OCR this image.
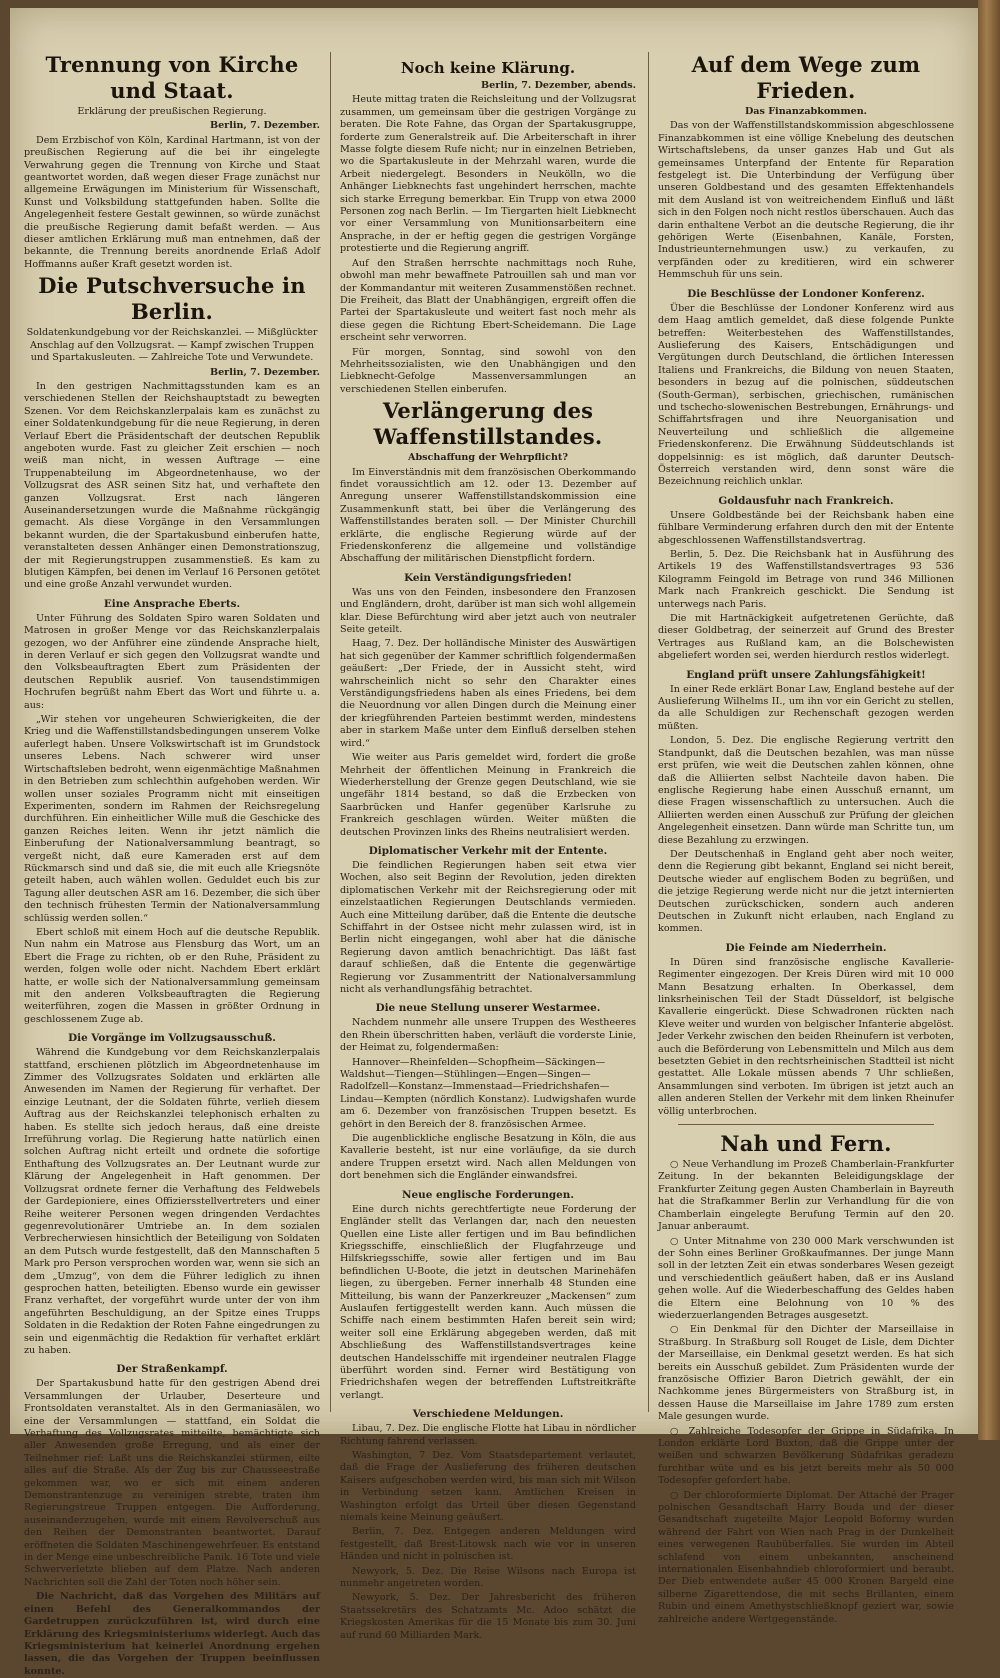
Trennung von Kirche und Staat.
Erklärung der preußischen Regierung.
Berlin, 7. Dezember.

Dem Erzbischof von Köln, Kardinal Hartmann, ist von der preußischen Regierung auf die bei ihr eingelegte Verwahrung gegen die Trennung von Kirche und Staat geantwortet worden, daß wegen dieser Frage zunächst nur allgemeine Erwägungen im Ministerium für Wissenschaft, Kunst und Volksbildung stattgefunden haben. Sollte die Angelegenheit festere Gestalt gewinnen, so würde zunächst die preußische Regierung damit befaßt werden. — Aus dieser amtlichen Erklärung muß man entnehmen, daß der bekannte, die Trennung bereits anordnende Erlaß Adolf Hoffmanns außer Kraft gesetzt worden ist.

Die Putschversuche in Berlin.
Soldatenkundgebung vor der Reichskanzlei. — Mißglückter Anschlag auf den Vollzugsrat. — Kampf zwischen Truppen und Spartakusleuten. — Zahlreiche Tote und Verwundete.
Berlin, 7. Dezember.

In den gestrigen Nachmittagsstunden kam es an verschiedenen Stellen der Reichshauptstadt zu bewegten Szenen. Vor dem Reichskanzlerpalais kam es zunächst zu einer Soldatenkundgebung für die neue Regierung, in deren Verlauf Ebert die Präsidentschaft der deutschen Republik angeboten wurde. Fast zu gleicher Zeit erschien — noch weiß man nicht, in wessen Auftrage — eine Truppenabteilung im Abgeordnetenhause, wo der Vollzugsrat des ASR seinen Sitz hat, und verhaftete den ganzen Vollzugsrat. Erst nach längeren Auseinandersetzungen wurde die Maßnahme rückgängig gemacht. Als diese Vorgänge in den Versammlungen bekannt wurden, die der Spartakusbund einberufen hatte, veranstalteten dessen Anhänger einen Demonstrationszug, der mit Regierungstruppen zusammenstieß. Es kam zu blutigen Kämpfen, bei denen im Verlauf 16 Personen getötet und eine große Anzahl verwundet wurden.

Eine Ansprache Eberts.

Unter Führung des Soldaten Spiro waren Soldaten und Matrosen in großer Menge vor das Reichskanzlerpalais gezogen, wo der Anführer eine zündende Ansprache hielt, in deren Verlauf er sich gegen den Vollzugsrat wandte und den Volksbeauftragten Ebert zum Präsidenten der deutschen Republik ausrief. Von tausendstimmigen Hochrufen begrüßt nahm Ebert das Wort und führte u. a. aus:

„Wir stehen vor ungeheuren Schwierigkeiten, die der Krieg und die Waffenstillstandsbedingungen unserem Volke auferlegt haben. Unsere Volkswirtschaft ist im Grundstock unseres Lebens. Nach schwerer wird unser Wirtschaftsleben bedroht, wenn eigenmächtige Maßnahmen in den Betrieben zum schlechthin aufgehoben werden. Wir wollen unser soziales Programm nicht mit einseitigen Experimenten, sondern im Rahmen der Reichsregelung durchführen. Ein einheitlicher Wille muß die Geschicke des ganzen Reiches leiten. Wenn ihr jetzt nämlich die Einberufung der Nationalversammlung beantragt, so vergeßt nicht, daß eure Kameraden erst auf dem Rückmarsch sind und daß sie, die mit euch alle Kriegsnöte geteilt haben, auch wählen wollen. Geduldet euch bis zur Tagung aller deutschen ASR am 16. Dezember, die sich über den technisch frühesten Termin der Nationalversammlung schlüssig werden sollen.“

Ebert schloß mit einem Hoch auf die deutsche Republik. Nun nahm ein Matrose aus Flensburg das Wort, um an Ebert die Frage zu richten, ob er den Ruhe, Präsident zu werden, folgen wolle oder nicht. Nachdem Ebert erklärt hatte, er wolle sich der Nationalversammlung gemeinsam mit den anderen Volksbeauftragten die Regierung weiterführen, zogen die Massen in größter Ordnung in geschlossenem Zuge ab.

Die Vorgänge im Vollzugsausschuß.

Während die Kundgebung vor dem Reichskanzlerpalais stattfand, erschienen plötzlich im Abgeordnetenhause im Zimmer des Vollzugsrates Soldaten und erklärten alle Anwesenden im Namen der Regierung für verhaftet. Der einzige Leutnant, der die Soldaten führte, verlieh diesem Auftrag aus der Reichskanzlei telephonisch erhalten zu haben. Es stellte sich jedoch heraus, daß eine dreiste Irreführung vorlag. Die Regierung hatte natürlich einen solchen Auftrag nicht erteilt und ordnete die sofortige Enthaftung des Vollzugsrates an. Der Leutnant wurde zur Klärung der Angelegenheit in Haft genommen. Der Vollzugsrat ordnete ferner die Verhaftung des Feldwebels der Gardepioniere, eines Offiziersstellvertreters und einer Reihe weiterer Personen wegen dringenden Verdachtes gegenrevolutionärer Umtriebe an. In dem sozialen Verbrecherwiesen hinsichtlich der Beteiligung von Soldaten an dem Putsch wurde festgestellt, daß den Mannschaften 5 Mark pro Person versprochen worden war, wenn sie sich an dem „Umzug“, von dem die Führer lediglich zu ihnen gesprochen hatten, beteiligten. Ebenso wurde ein gewisser Franz verhaftet, der vorgeführt wurde unter der von ihm angeführten Beschuldigung, an der Spitze eines Trupps Soldaten in die Redaktion der Roten Fahne eingedrungen zu sein und eigenmächtig die Redaktion für verhaftet erklärt zu haben.

Der Straßenkampf.

Der Spartakusbund hatte für den gestrigen Abend drei Versammlungen der Urlauber, Deserteure und Frontsoldaten veranstaltet. Als in den Germaniasälen, wo eine der Versammlungen — stattfand, ein Soldat die Verhaftung des Vollzugsrates mitteilte, bemächtigte sich aller Anwesenden große Erregung, und als einer der Teilnehmer rief: Laßt uns die Reichskanzlei stürmen, eilte alles auf die Straße. Als der Zug bis zur Chausseestraße gekommen war, wo er sich mit einem anderen Demonstrantenzuge zu vereinigen strebte, traten ihm Regierungstreue Truppen entgegen. Die Aufforderung, auseinanderzugehen, wurde mit einem Revolverschuß aus den Reihen der Demonstranten beantwortet. Darauf eröffneten die Soldaten Maschinengewehrfeuer. Es entstand in der Menge eine unbeschreibliche Panik. 16 Tote und viele Schwerverletzte blieben auf dem Platze. Nach anderen Nachrichten soll die Zahl der Toten noch höher sein.

Die Nachricht, daß das Vorgehen des Militärs auf einen Befehl des Generalkommandos der Gardetruppen zurückzuführen ist, wird durch eine Erklärung des Kriegsministeriums widerlegt. Auch das Kriegsministerium hat keinerlei Anordnung ergehen lassen, die das Vorgehen der Truppen beeinflussen konnte.

Noch keine Klärung.
Berlin, 7. Dezember, abends.

Heute mittag traten die Reichsleitung und der Vollzugsrat zusammen, um gemeinsam über die gestrigen Vorgänge zu beraten. Die Rote Fahne, das Organ der Spartakusgruppe, forderte zum Generalstreik auf. Die Arbeiterschaft in ihrer Masse folgte diesem Rufe nicht; nur in einzelnen Betrieben, wo die Spartakusleute in der Mehrzahl waren, wurde die Arbeit niedergelegt. Besonders in Neukölln, wo die Anhänger Liebknechts fast ungehindert herrschen, machte sich starke Erregung bemerkbar. Ein Trupp von etwa 2000 Personen zog nach Berlin. — Im Tiergarten hielt Liebknecht vor einer Versammlung von Munitionsarbeitern eine Ansprache, in der er heftig gegen die gestrigen Vorgänge protestierte und die Regierung angriff.

Auf den Straßen herrschte nachmittags noch Ruhe, obwohl man mehr bewaffnete Patrouillen sah und man vor der Kommandantur mit weiteren Zusammenstößen rechnet. Die Freiheit, das Blatt der Unabhängigen, ergreift offen die Partei der Spartakusleute und weitert fast noch mehr als diese gegen die Richtung Ebert-Scheidemann. Die Lage erscheint sehr verworren.

Für morgen, Sonntag, sind sowohl von den Mehrheitssozialisten, wie den Unabhängigen und den Liebknecht-Gefolge Massenversammlungen an verschiedenen Stellen einberufen.

Verlängerung des Waffenstillstandes.
Abschaffung der Wehrpflicht?

Im Einverständnis mit dem französischen Oberkommando findet voraussichtlich am 12. oder 13. Dezember auf Anregung unserer Waffenstillstandskommission eine Zusammenkunft statt, bei über die Verlängerung des Waffenstillstandes beraten soll. — Der Minister Churchill erklärte, die englische Regierung würde auf der Friedenskonferenz die allgemeine und vollständige Abschaffung der militärischen Dienstpflicht fordern.

Kein Verständigungsfrieden!

Was uns von den Feinden, insbesondere den Franzosen und Engländern, droht, darüber ist man sich wohl allgemein klar. Diese Befürchtung wird aber jetzt auch von neutraler Seite geteilt.

Haag, 7. Dez. Der holländische Minister des Auswärtigen hat sich gegenüber der Kammer schriftlich folgendermaßen geäußert: „Der Friede, der in Aussicht steht, wird wahrscheinlich nicht so sehr den Charakter eines Verständigungsfriedens haben als eines Friedens, bei dem die Neuordnung vor allen Dingen durch die Meinung einer der kriegführenden Parteien bestimmt werden, mindestens aber in starkem Maße unter dem Einfluß derselben stehen wird.“

Wie weiter aus Paris gemeldet wird, fordert die große Mehrheit der öffentlichen Meinung in Frankreich die Wiederherstellung der Grenze gegen Deutschland, wie sie ungefähr 1814 bestand, so daß die Erzbecken von Saarbrücken und Hanfer gegenüber Karlsruhe zu Frankreich geschlagen würden. Weiter müßten die deutschen Provinzen links des Rheins neutralisiert werden.

Diplomatischer Verkehr mit der Entente.

Die feindlichen Regierungen haben seit etwa vier Wochen, also seit Beginn der Revolution, jeden direkten diplomatischen Verkehr mit der Reichsregierung oder mit einzelstaatlichen Regierungen Deutschlands vermieden. Auch eine Mitteilung darüber, daß die Entente die deutsche Schiffahrt in der Ostsee nicht mehr zulassen wird, ist in Berlin nicht eingegangen, wohl aber hat die dänische Regierung davon amtlich benachrichtigt. Das läßt fast darauf schließen, daß die Entente die gegenwärtige Regierung vor Zusammentritt der Nationalversammlung nicht als verhandlungsfähig betrachtet.

Die neue Stellung unserer Westarmee.

Nachdem nunmehr alle unsere Truppen des Westheeres den Rhein überschritten haben, verläuft die vorderste Linie, der Heimat zu, folgendermaßen:

Hannover—Rheinfelden—Schopfheim—Säckingen—Waldshut—Tiengen—Stühlingen—Engen—Singen—Radolfzell—Konstanz—Immenstaad—Friedrichshafen—Lindau—Kempten (nördlich Konstanz). Ludwigshafen wurde am 6. Dezember von französischen Truppen besetzt. Es gehört in den Bereich der 8. französischen Armee.

Die augenblickliche englische Besatzung in Köln, die aus Kavallerie besteht, ist nur eine vorläufige, da sie durch andere Truppen ersetzt wird. Nach allen Meldungen von dort benehmen sich die Engländer einwandsfrei.

Neue englische Forderungen.

Eine durch nichts gerechtfertigte neue Forderung der Engländer stellt das Verlangen dar, nach den neuesten Quellen eine Liste aller fertigen und im Bau befindlichen Kriegsschiffe, einschließlich der Flugfahrzeuge und Hilfskriegsschiffe, sowie aller fertigen und im Bau befindlichen U-Boote, die jetzt in deutschen Marinehäfen liegen, zu übergeben. Ferner innerhalb 48 Stunden eine Mitteilung, bis wann der Panzerkreuzer „Mackensen“ zum Auslaufen fertiggestellt werden kann. Auch müssen die Schiffe nach einem bestimmten Hafen bereit sein wird; weiter soll eine Erklärung abgegeben werden, daß mit Abschließung des Waffenstillstandsvertrages keine deutschen Handelsschiffe mit irgendeiner neutralen Flagge überführt worden sind. Ferner wird Bestätigung von Friedrichshafen wegen der betreffenden Luftstreitkräfte verlangt.

Verschiedene Meldungen.

Libau, 7. Dez. Die englische Flotte hat Libau in nördlicher Richtung fahrend verlassen.

Washington, 7 Dez. Vom Staatsdepartement verlautet, daß die Frage der Auslieferung des früheren deutschen Kaisers aufgeschoben werden wird, bis man sich mit Wilson in Verbindung setzen kann. Amtlichen Kreisen in Washington erfolgt das Urteil über diesen Gegenstand niemals keine Meinung geäußert.

Berlin, 7. Dez. Entgegen anderen Meldungen wird festgestellt, daß Brest-Litowsk nach wie vor in unseren Händen und nicht in polnischen ist.

Newyork, 5. Dez. Die Reise Wilsons nach Europa ist nunmehr angetreten worden.

Newyork, 5. Dez. Der Jahresbericht des früheren Staatssekretärs des Schatzamts Mc. Adoo schätzt die Kriegskosten Amerikas für die 15 Monate bis zum 30. Juni auf rund 60 Milliarden Mark.

Auf dem Wege zum Frieden.
Das Finanzabkommen.

Das von der Waffenstillstandskommission abgeschlossene Finanzabkommen ist eine völlige Knebelung des deutschen Wirtschaftslebens, da unser ganzes Hab und Gut als gemeinsames Unterpfand der Entente für Reparation festgelegt ist. Die Unterbindung der Verfügung über unseren Goldbestand und des gesamten Effektenhandels mit dem Ausland ist von weitreichendem Einfluß und läßt sich in den Folgen noch nicht restlos überschauen. Auch das darin enthaltene Verbot an die deutsche Regierung, die ihr gehörigen Werte (Eisenbahnen, Kanäle, Forsten, Industrieunternehmungen usw.) zu verkaufen, zu verpfänden oder zu kreditieren, wird ein schwerer Hemmschuh für uns sein.

Die Beschlüsse der Londoner Konferenz.

Über die Beschlüsse der Londoner Konferenz wird aus dem Haag amtlich gemeldet, daß diese folgende Punkte betreffen: Weiterbestehen des Waffenstillstandes, Auslieferung des Kaisers, Entschädigungen und Vergütungen durch Deutschland, die örtlichen Interessen Italiens und Frankreichs, die Bildung von neuen Staaten, besonders in bezug auf die polnischen, süddeutschen (South-German), serbischen, griechischen, rumänischen und tschecho-slowenischen Bestrebungen, Ernährungs- und Schiffahrtsfragen und ihre Neuorganisation und Neuverteilung und schließlich die allgemeine Friedenskonferenz. Die Erwähnung Süddeutschlands ist doppelsinnig: es ist möglich, daß darunter Deutsch-Österreich verstanden wird, denn sonst wäre die Bezeichnung reichlich unklar.

Goldausfuhr nach Frankreich.

Unsere Goldbestände bei der Reichsbank haben eine fühlbare Verminderung erfahren durch den mit der Entente abgeschlossenen Waffenstillstandsvertrag.

Berlin, 5. Dez. Die Reichsbank hat in Ausführung des Artikels 19 des Waffenstillstandsvertrages 93 536 Kilogramm Feingold im Betrage von rund 346 Millionen Mark nach Frankreich geschickt. Die Sendung ist unterwegs nach Paris.

Die mit Hartnäckigkeit aufgetretenen Gerüchte, daß dieser Goldbetrag, der seinerzeit auf Grund des Brester Vertrages aus Rußland kam, an die Bolschewisten abgeliefert worden sei, werden hierdurch restlos widerlegt.

England prüft unsere Zahlungsfähigkeit!

In einer Rede erklärt Bonar Law, England bestehe auf der Auslieferung Wilhelms II., um ihn vor ein Gericht zu stellen, da alle Schuldigen zur Rechenschaft gezogen werden müßten.

London, 5. Dez. Die englische Regierung vertritt den Standpunkt, daß die Deutschen bezahlen, was man nüsse erst prüfen, wie weit die Deutschen zahlen können, ohne daß die Alliierten selbst Nachteile davon haben. Die englische Regierung habe einen Ausschuß ernannt, um diese Fragen wissenschaftlich zu untersuchen. Auch die Alliierten werden einen Ausschuß zur Prüfung der gleichen Angelegenheit einsetzen. Dann würde man Schritte tun, um diese Bezahlung zu erzwingen.

Der Deutschenhaß in England geht aber noch weiter, denn die Regierung gibt bekannt, England sei nicht bereit, Deutsche wieder auf englischem Boden zu begrüßen, und die jetzige Regierung werde nicht nur die jetzt internierten Deutschen zurückschicken, sondern auch anderen Deutschen in Zukunft nicht erlauben, nach England zu kommen.

Die Feinde am Niederrhein.

In Düren sind französische englische Kavallerie-Regimenter eingezogen. Der Kreis Düren wird mit 10 000 Mann Besatzung erhalten. In Oberkassel, dem linksrheinischen Teil der Stadt Düsseldorf, ist belgische Kavallerie eingerückt. Diese Schwadronen rückten nach Kleve weiter und wurden von belgischer Infanterie abgelöst. Jeder Verkehr zwischen den beiden Rheinufern ist verboten, auch die Beförderung von Lebensmitteln und Milch aus dem besetzten Gebiet in den rechtsrheinischen Stadtteil ist nicht gestattet. Alle Lokale müssen abends 7 Uhr schließen, Ansammlungen sind verboten. Im übrigen ist jetzt auch an allen anderen Stellen der Verkehr mit dem linken Rheinufer völlig unterbrochen.

Nah und Fern.

○ Neue Verhandlung im Prozeß Chamberlain-Frankfurter Zeitung. In der bekannten Beleidigungsklage der Frankfurter Zeitung gegen Austen Chamberlain in Bayreuth hat die Strafkammer Berlin zur Verhandlung für die von Chamberlain eingelegte Berufung Termin auf den 20. Januar anberaumt.

○ Unter Mitnahme von 230 000 Mark verschwunden ist der Sohn eines Berliner Großkaufmannes. Der junge Mann soll in der letzten Zeit ein etwas sonderbares Wesen gezeigt und verschiedentlich geäußert haben, daß er ins Ausland gehen wolle. Auf die Wiederbeschaffung des Geldes haben die Eltern eine Belohnung von 10 % des wiederzuerlangenden Betrages ausgesetzt.

○ Ein Denkmal für den Dichter der Marseillaise in Straßburg. In Straßburg soll Rouget de Lisle, dem Dichter der Marseillaise, ein Denkmal gesetzt werden. Es hat sich bereits ein Ausschuß gebildet. Zum Präsidenten wurde der französische Offizier Baron Dietrich gewählt, der ein Nachkomme jenes Bürgermeisters von Straßburg ist, in dessen Hause die Marseillaise im Jahre 1789 zum ersten Male gesungen wurde.

○ Zahlreiche Todesopfer der Grippe in Südafrika. In London erklärte Lord Buxton, daß die Grippe unter der weißen und schwarzen Bevölkerung Südafrikas geradezu furchtbar wüte und es bis jetzt bereits mehr als 50 000 Todesopfer gefordert habe.

○ Der chloroformierte Diplomat. Der Attaché der Prager polnischen Gesandtschaft Harry Bouda und der dieser Gesandtschaft zugeteilte Major Leopold Boformy wurden während der Fahrt von Wien nach Prag in der Dunkelheit eines verwegenen Raubüberfalles. Sie wurden im Abteil schlafend von einem unbekannten, anscheinend internationalen Eisenbahndieb chloroformiert und beraubt. Der Dieb entwendete außer 45 000 Kronen Bargeld eine silberne Zigarettendose, die mit sechs Brillanten, einem Rubin und einem Amethystschließknopf geziert war, sowie zahlreiche andere Wertgegenstände.
